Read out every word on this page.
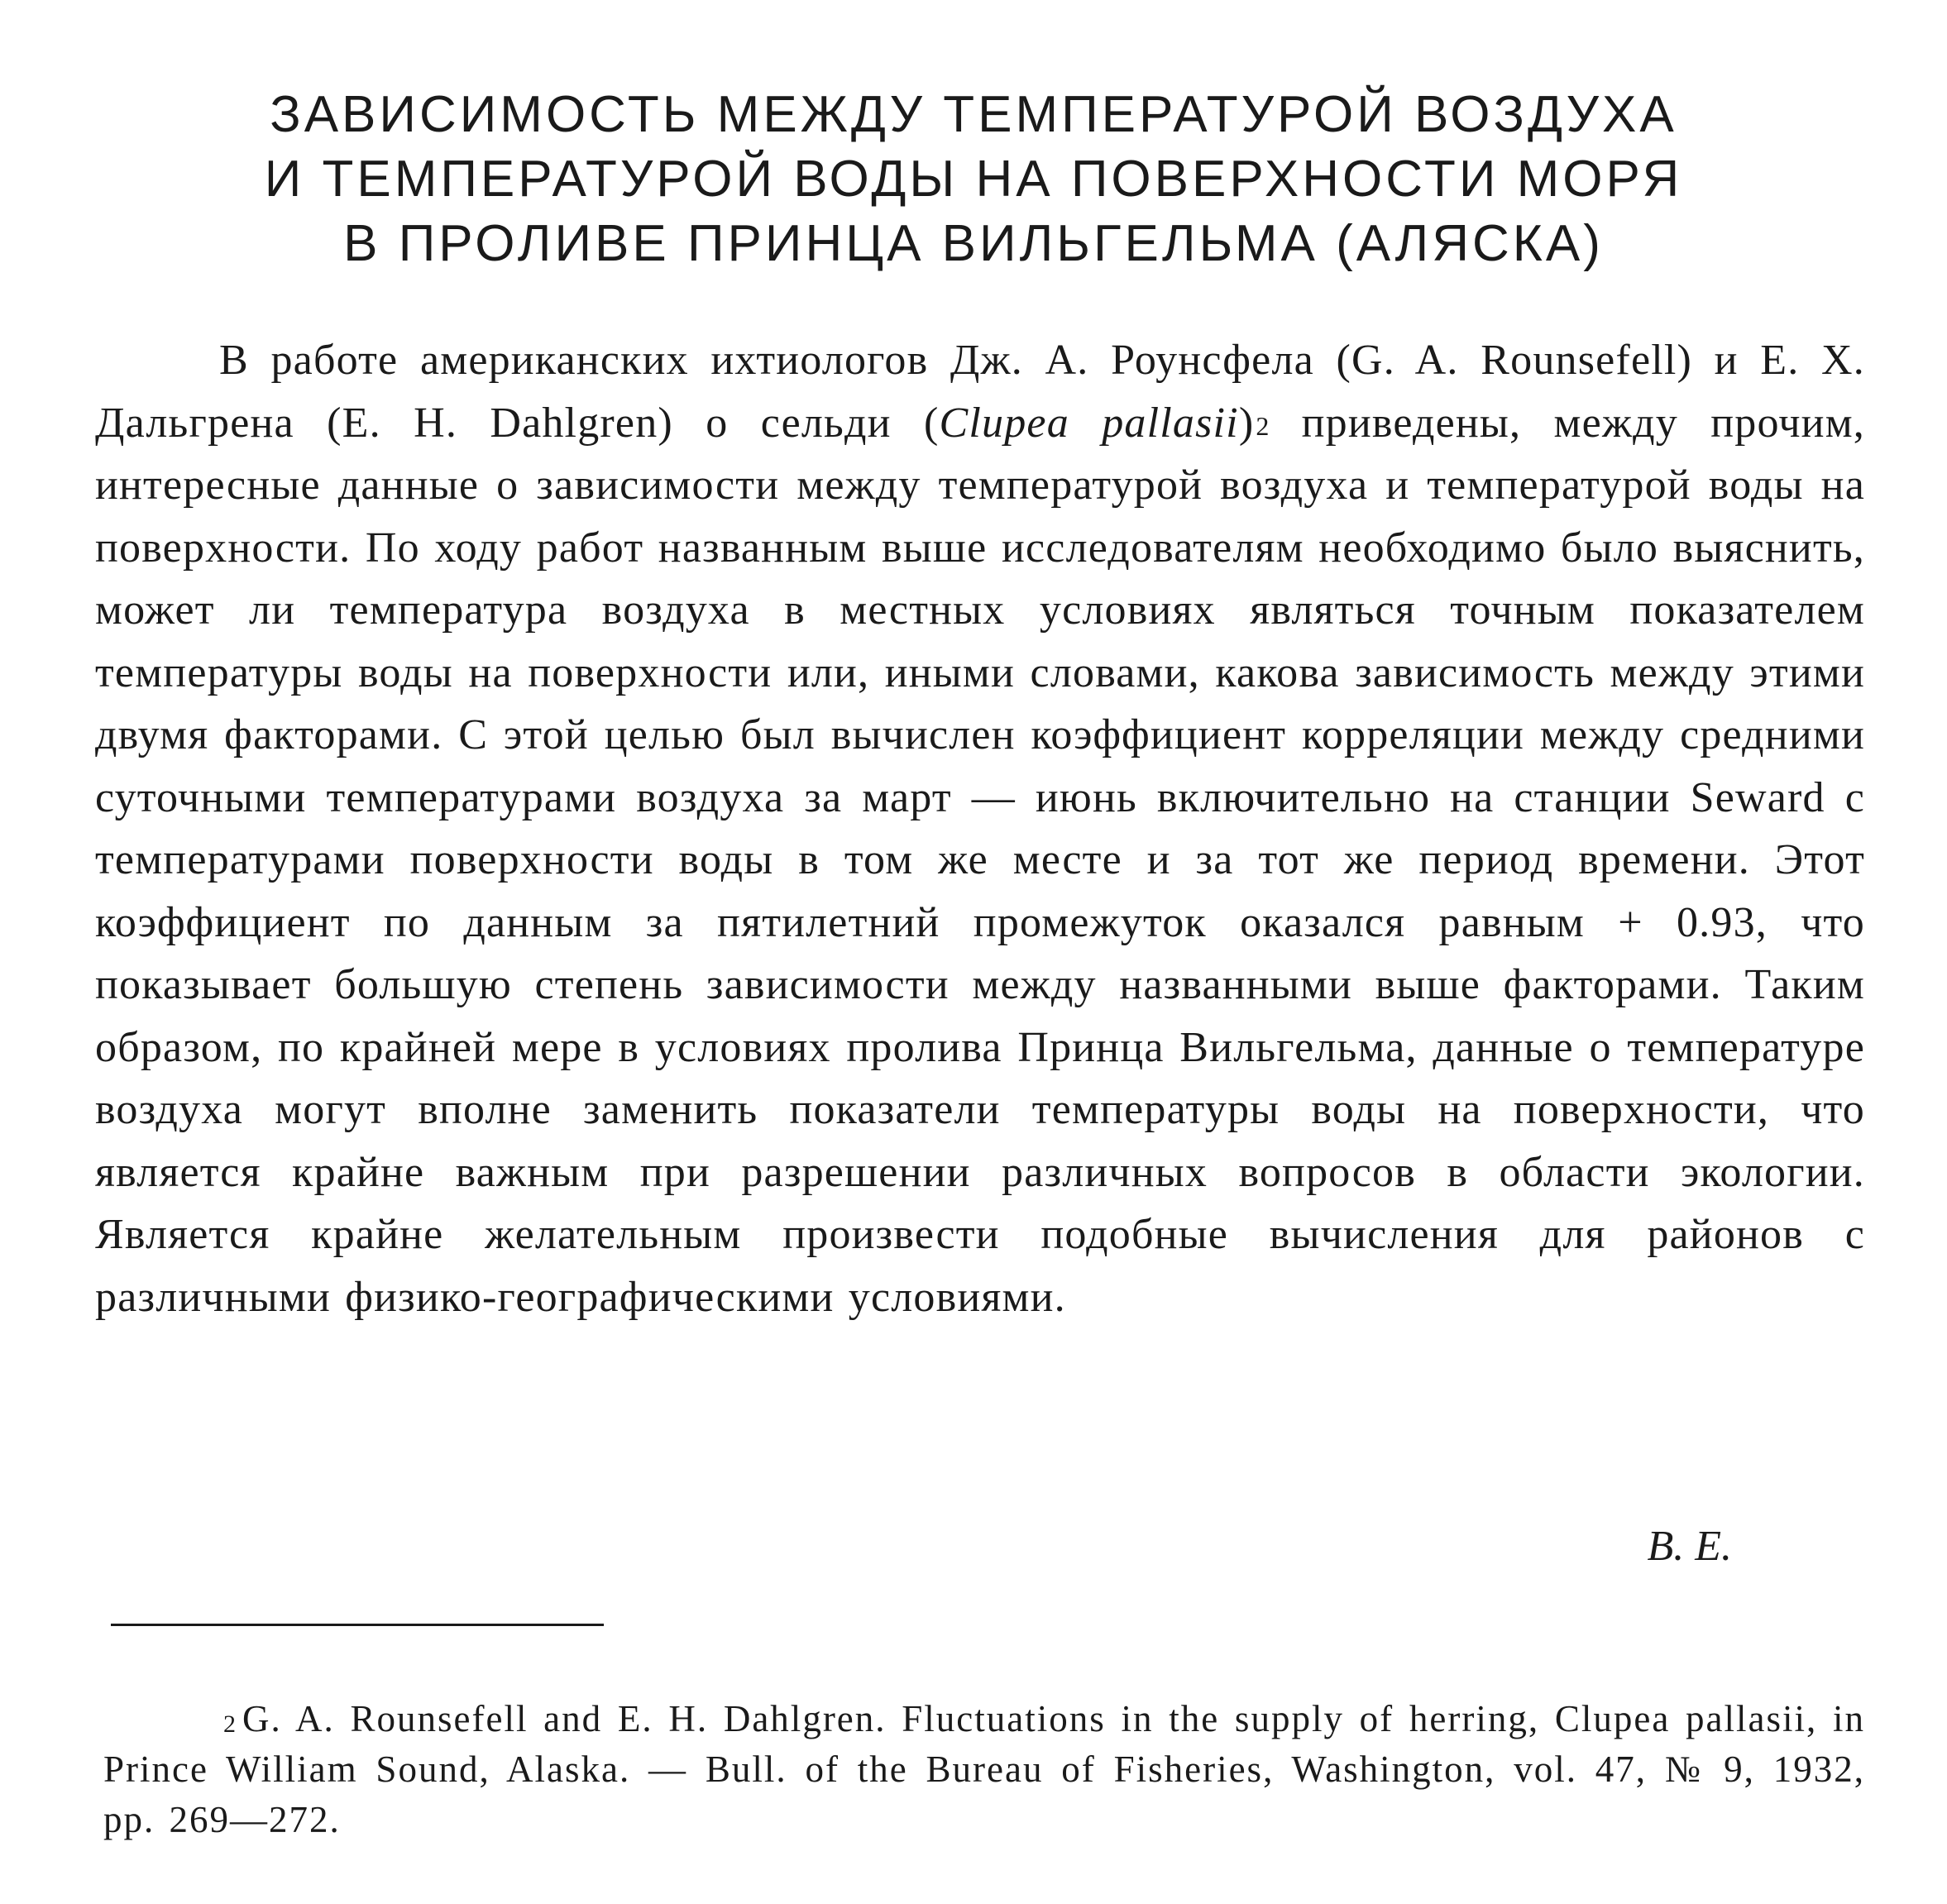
ЗАВИСИМОСТЬ МЕЖДУ ТЕМПЕРАТУРОЙ ВОЗДУХА
И ТЕМПЕРАТУРОЙ ВОДЫ НА ПОВЕРХНОСТИ МОРЯ
В ПРОЛИВЕ ПРИНЦА ВИЛЬГЕЛЬМА (АЛЯСКА)

В работе американских ихтиологов Дж. А. Роунсфела (G. A. Rounsefell) и Е. X. Дальгрена (E. H. Dahlgren) о сельди (Clupea pallasii)$^2$ приведены, между прочим, интересные данные о зависимости между температурой воздуха и температурой воды на поверхности. По ходу работ названным выше исследователям необходимо было выяснить, может ли температура воздуха в местных условиях являться точным показателем температуры воды на поверхности или, иными словами, какова зависимость между этими двумя факторами. С этой целью был вычислен коэффициент корреляции между средними суточными температурами воздуха за март — июнь включительно на станции Seward с температурами поверхности воды в том же месте и за тот же период времени. Этот коэффициент по данным за пятилетний промежуток оказался равным + 0.93, что показывает большую степень зависимости между названными выше факторами. Таким образом, по крайней мере в условиях пролива Принца Вильгельма, данные о температуре воздуха могут вполне заменить показатели температуры воды на поверхности, что является крайне важным при разрешении различных вопросов в области экологии. Является крайне желательным произвести подобные вычисления для районов с различными физико-географическими условиями.

В. Е.

$^2$ G. A. Rounsefell and E. H. Dahlgren. Fluctuations in the supply of herring, Clupea pallasii, in Prince William Sound, Alaska. — Bull. of the Bureau of Fisheries, Washington, vol. 47, № 9, 1932, pp. 269—272.
